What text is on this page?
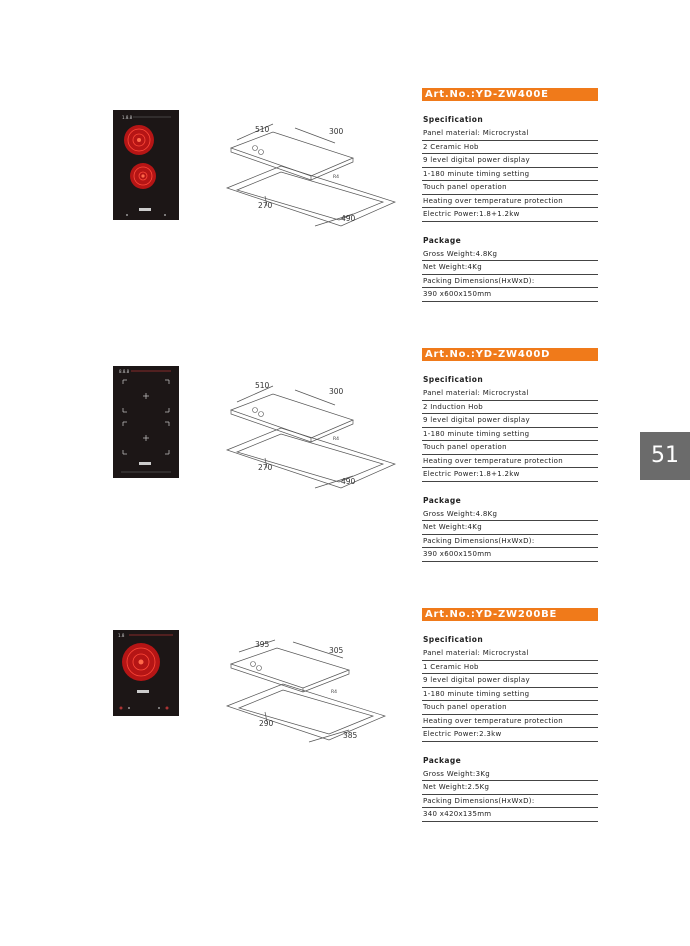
1.8.8
510	300
R4
270
490
Art.No.:YD-ZW400E
Specification
Panel material: Microcrystal
2 Ceramic Hob
9 level digital power display
1-180 minute timing setting
Touch panel operation
Heating over temperature protection
Electric Power:1.8+1.2kw
Package
Gross Weight:4.8Kg
Net Weight:4Kg
Packing Dimensions(HxWxD):
390 x600x150mm
8.8.8
510
300
R4
270
490
Art.No.:YD-ZW400D
Specification
Panel material: Microcrystal
2 Induction Hob
9 level digital power display
1-180 minute timing setting
Touch panel operation
Heating over temperature protection
Electric Power:1.8+1.2kw
Package
Gross Weight:4.8Kg
Net Weight:4Kg
Packing Dimensions(HxWxD):
390 x600x150mm
1.8
395
305
R4
290
385
Art.No.:YD-ZW200BE
Specification
Panel material: Microcrystal
1 Ceramic Hob
9 level digital power display
1-180 minute timing setting
Touch panel operation
Heating over temperature protection
Electric Power:2.3kw
Package
Gross Weight:3Kg
Net Weight:2.5Kg
Packing Dimensions(HxWxD):
340 x420x135mm
51
